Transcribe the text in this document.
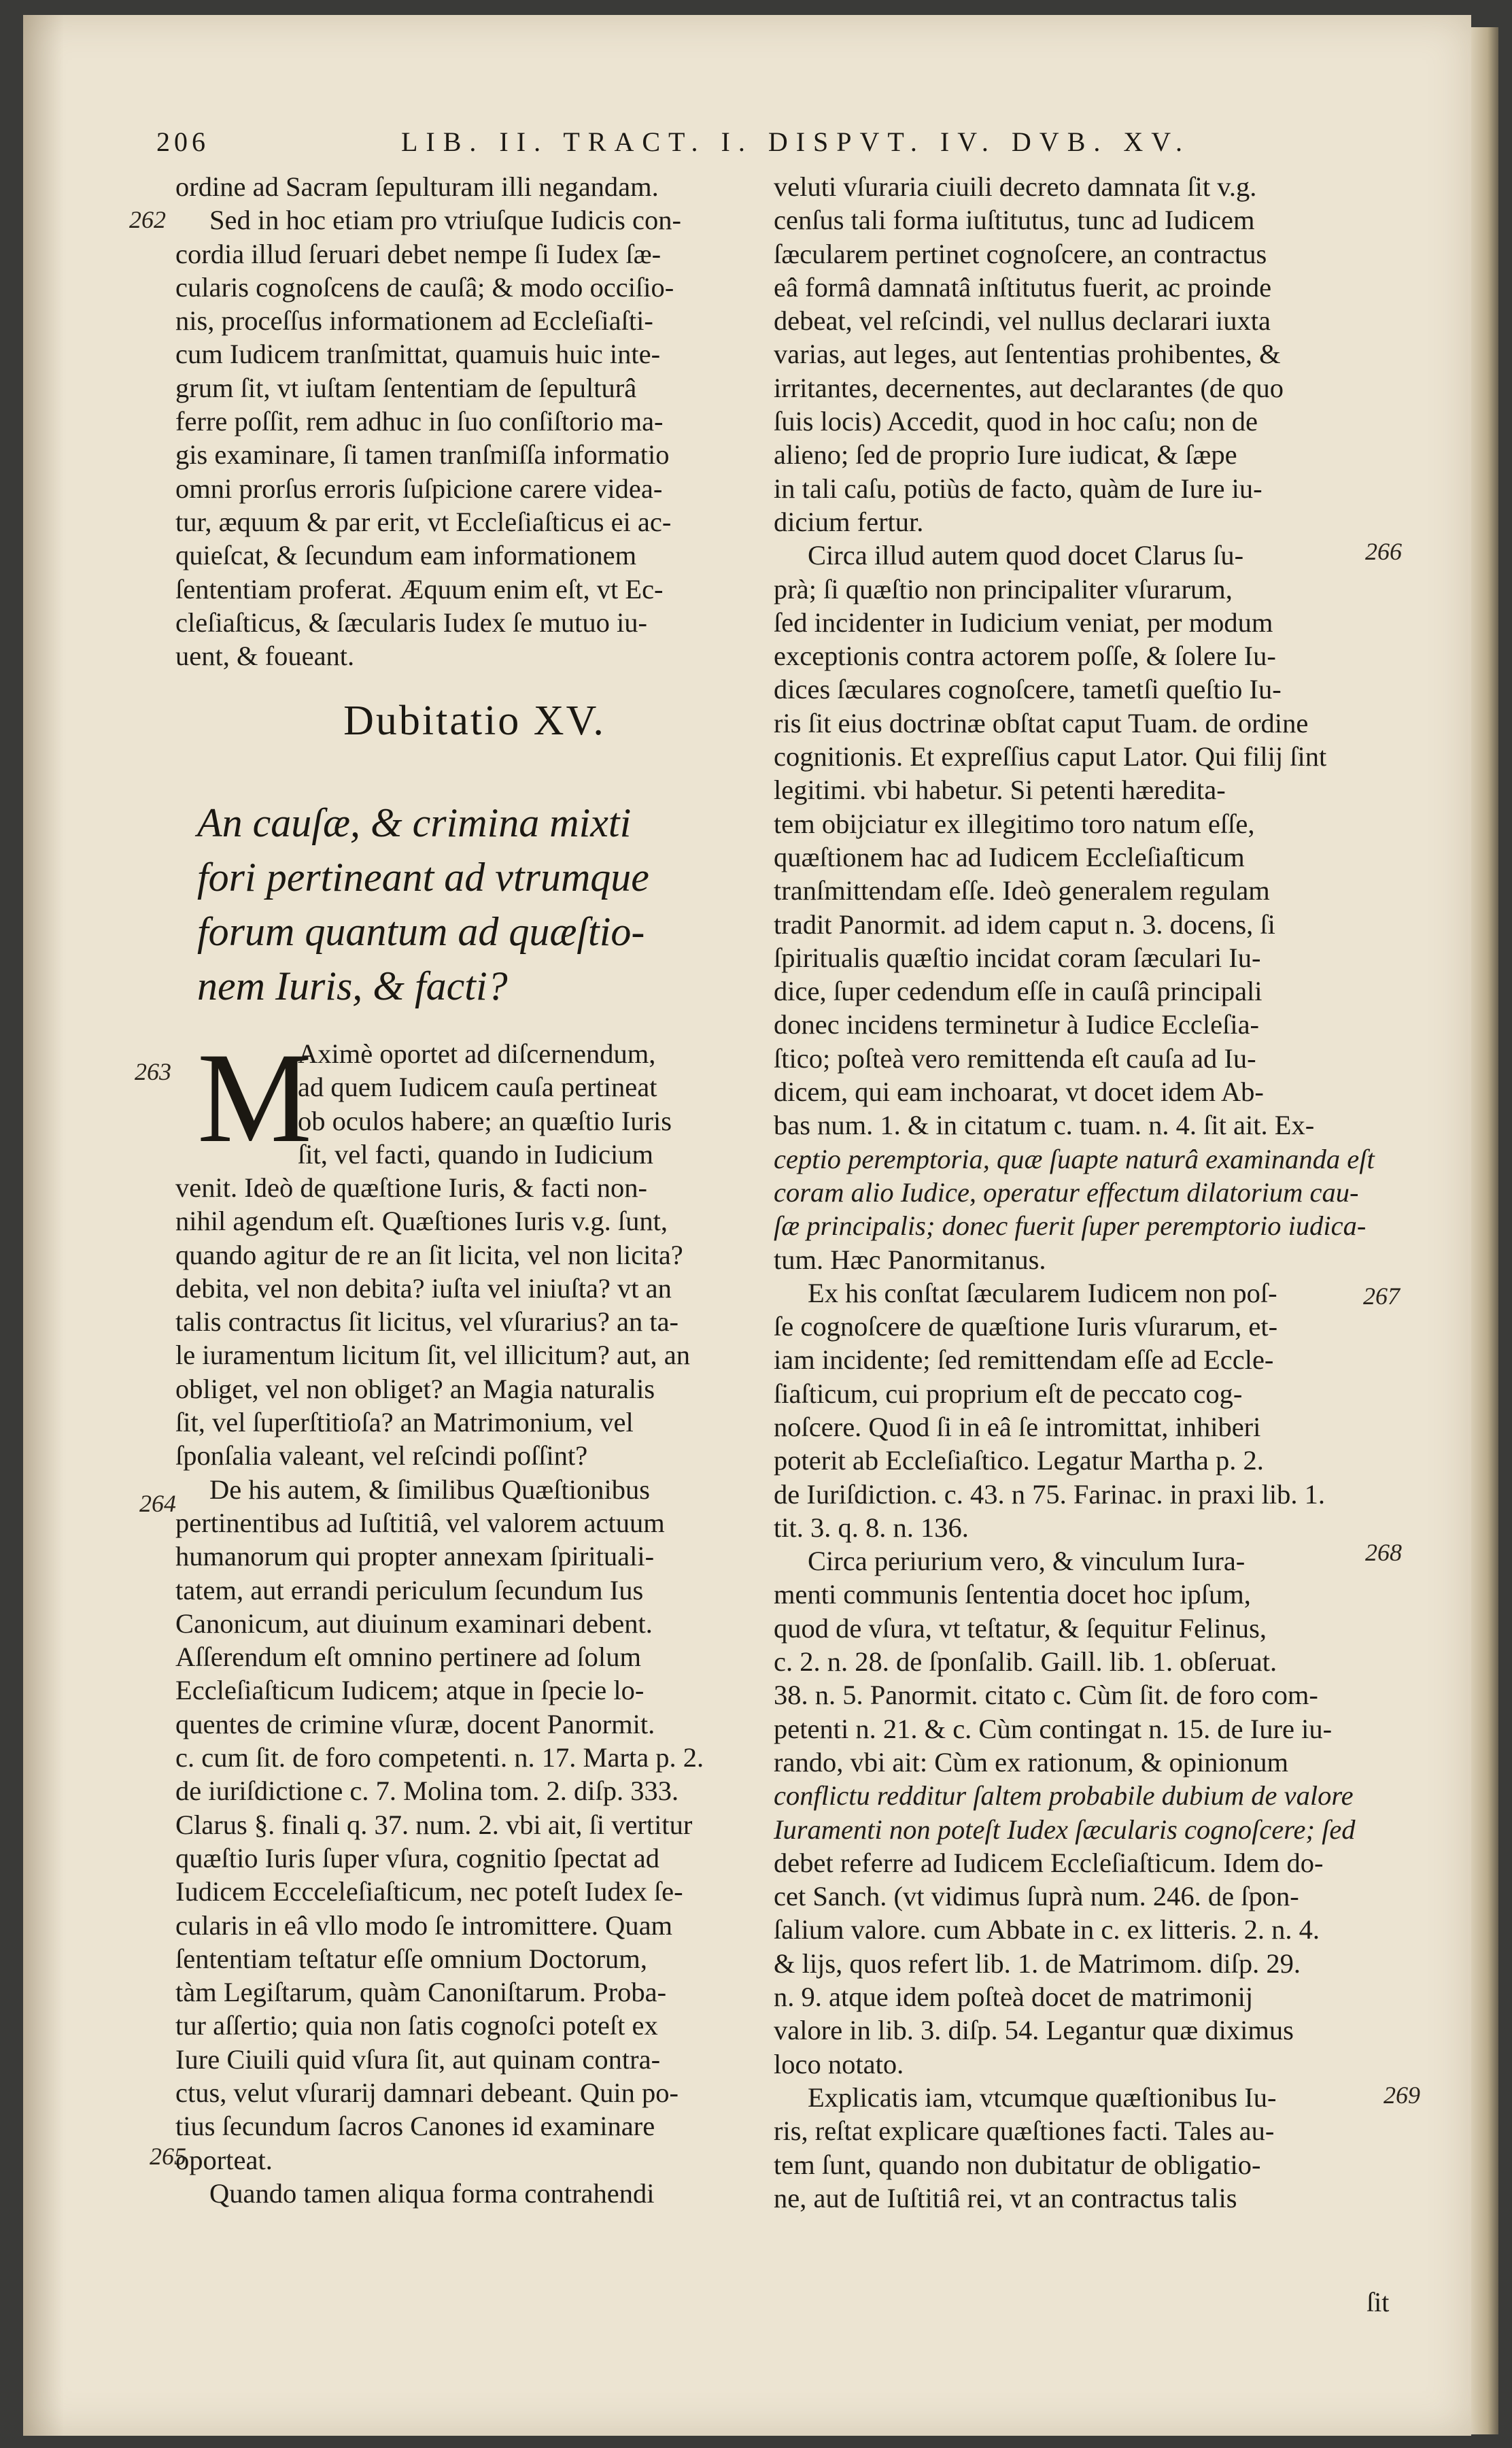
206	LIB. II. TRACT. I. DISPVT. IV. DVB. XV.
262
263
264
265
266
267
268
269
ordine ad Sacram ſepulturam illi negandam.
Sed in hoc etiam pro vtriuſque Iudicis con-
cordia illud ſeruari debet nempe ſi Iudex ſæ-
cularis cognoſcens de cauſâ; & modo occiſio-
nis, proceſſus informationem ad Eccleſiaſti-
cum Iudicem tranſmittat, quamuis huic inte-
grum ſit, vt iuſtam ſententiam de ſepulturâ
ferre poſſit, rem adhuc in ſuo conſiſtorio ma-
gis examinare, ſi tamen tranſmiſſa informatio
omni prorſus erroris ſuſpicione carere videa-
tur, æquum & par erit, vt Eccleſiaſticus ei ac-
quieſcat, & ſecundum eam informationem
ſententiam proferat. Æquum enim eſt, vt Ec-
cleſiaſticus, & ſæcularis Iudex ſe mutuo iu-
uent, & foueant.
Dubitatio XV.
An cauſæ, & crimina mixti
fori pertineant ad vtrumque
forum quantum ad quæſtio-
nem Iuris, & facti?
M
Aximè oportet ad diſcernendum,
ad quem Iudicem cauſa pertineat
ob oculos habere; an quæſtio Iuris
ſit, vel facti, quando in Iudicium
venit. Ideò de quæſtione Iuris, & facti non-
nihil agendum eſt. Quæſtiones Iuris v.g. ſunt,
quando agitur de re an ſit licita, vel non licita?
debita, vel non debita? iuſta vel iniuſta? vt an
talis contractus ſit licitus, vel vſurarius? an ta-
le iuramentum licitum ſit, vel illicitum? aut, an
obliget, vel non obliget? an Magia naturalis
ſit, vel ſuperſtitioſa? an Matrimonium, vel
ſponſalia valeant, vel reſcindi poſſint?
De his autem, & ſimilibus Quæſtionibus
pertinentibus ad Iuſtitiâ, vel valorem actuum
humanorum qui propter annexam ſpirituali-
tatem, aut errandi periculum ſecundum Ius
Canonicum, aut diuinum examinari debent.
Aſſerendum eſt omnino pertinere ad ſolum
Eccleſiaſticum Iudicem; atque in ſpecie lo-
quentes de crimine vſuræ, docent Panormit.
c. cum ſit. de foro competenti. n. 17. Marta p. 2.
de iuriſdictione c. 7. Molina tom. 2. diſp. 333.
Clarus §. finali q. 37. num. 2. vbi ait, ſi vertitur
quæſtio Iuris ſuper vſura, cognitio ſpectat ad
Iudicem Eccceleſiaſticum, nec poteſt Iudex ſe-
cularis in eâ vllo modo ſe intromittere. Quam
ſententiam teſtatur eſſe omnium Doctorum,
tàm Legiſtarum, quàm Canoniſtarum. Proba-
tur aſſertio; quia non ſatis cognoſci poteſt ex
Iure Ciuili quid vſura ſit, aut quinam contra-
ctus, velut vſurarij damnari debeant. Quin po-
tius ſecundum ſacros Canones id examinare
oporteat.
Quando tamen aliqua forma contrahendi
veluti vſuraria ciuili decreto damnata ſit v.g.
cenſus tali forma iuſtitutus, tunc ad Iudicem
ſæcularem pertinet cognoſcere, an contractus
eâ formâ damnatâ inſtitutus fuerit, ac proinde
debeat, vel reſcindi, vel nullus declarari iuxta
varias, aut leges, aut ſententias prohibentes, &
irritantes, decernentes, aut declarantes (de quo
ſuis locis) Accedit, quod in hoc caſu; non de
alieno; ſed de proprio Iure iudicat, & ſæpe
in tali caſu, potiùs de facto, quàm de Iure iu-
dicium fertur.
Circa illud autem quod docet Clarus ſu-
prà; ſi quæſtio non principaliter vſurarum,
ſed incidenter in Iudicium veniat, per modum
exceptionis contra actorem poſſe, & ſolere Iu-
dices ſæculares cognoſcere, tametſi queſtio Iu-
ris ſit eius doctrinæ obſtat caput Tuam. de ordine
cognitionis. Et expreſſius caput Lator. Qui filij ſint
legitimi. vbi habetur. Si petenti hæredita-
tem obijciatur ex illegitimo toro natum eſſe,
quæſtionem hac ad Iudicem Eccleſiaſticum
tranſmittendam eſſe. Ideò generalem regulam
tradit Panormit. ad idem caput n. 3. docens, ſi
ſpiritualis quæſtio incidat coram ſæculari Iu-
dice, ſuper cedendum eſſe in cauſâ principali
donec incidens terminetur à Iudice Eccleſia-
ſtico; poſteà vero remittenda eſt cauſa ad Iu-
dicem, qui eam inchoarat, vt docet idem Ab-
bas num. 1. & in citatum c. tuam. n. 4. ſit ait. Ex-
ceptio peremptoria, quæ ſuapte naturâ examinanda eſt
coram alio Iudice, operatur effectum dilatorium cau-
ſæ principalis; donec fuerit ſuper peremptorio iudica-
tum. Hæc Panormitanus.
Ex his conſtat ſæcularem Iudicem non poſ-
ſe cognoſcere de quæſtione Iuris vſurarum, et-
iam incidente; ſed remittendam eſſe ad Eccle-
ſiaſticum, cui proprium eſt de peccato cog-
noſcere. Quod ſi in eâ ſe intromittat, inhiberi
poterit ab Eccleſiaſtico. Legatur Martha p. 2.
de Iuriſdiction. c. 43. n 75. Farinac. in praxi lib. 1.
tit. 3. q. 8. n. 136.
Circa periurium vero, & vinculum Iura-
menti communis ſententia docet hoc ipſum,
quod de vſura, vt teſtatur, & ſequitur Felinus,
c. 2. n. 28. de ſponſalib. Gaill. lib. 1. obſeruat.
38. n. 5. Panormit. citato c. Cùm ſit. de foro com-
petenti n. 21. & c. Cùm contingat n. 15. de Iure iu-
rando, vbi ait: Cùm ex rationum, & opinionum
conflictu redditur ſaltem probabile dubium de valore
Iuramenti non poteſt Iudex ſæcularis cognoſcere; ſed
debet referre ad Iudicem Eccleſiaſticum. Idem do-
cet Sanch. (vt vidimus ſuprà num. 246. de ſpon-
ſalium valore. cum Abbate in c. ex litteris. 2. n. 4.
& lijs, quos refert lib. 1. de Matrimom. diſp. 29.
n. 9. atque idem poſteà docet de matrimonij
valore in lib. 3. diſp. 54. Legantur quæ diximus
loco notato.
Explicatis iam, vtcumque quæſtionibus Iu-
ris, reſtat explicare quæſtiones facti. Tales au-
tem ſunt, quando non dubitatur de obligatio-
ne, aut de Iuſtitiâ rei, vt an contractus talis
ſit
